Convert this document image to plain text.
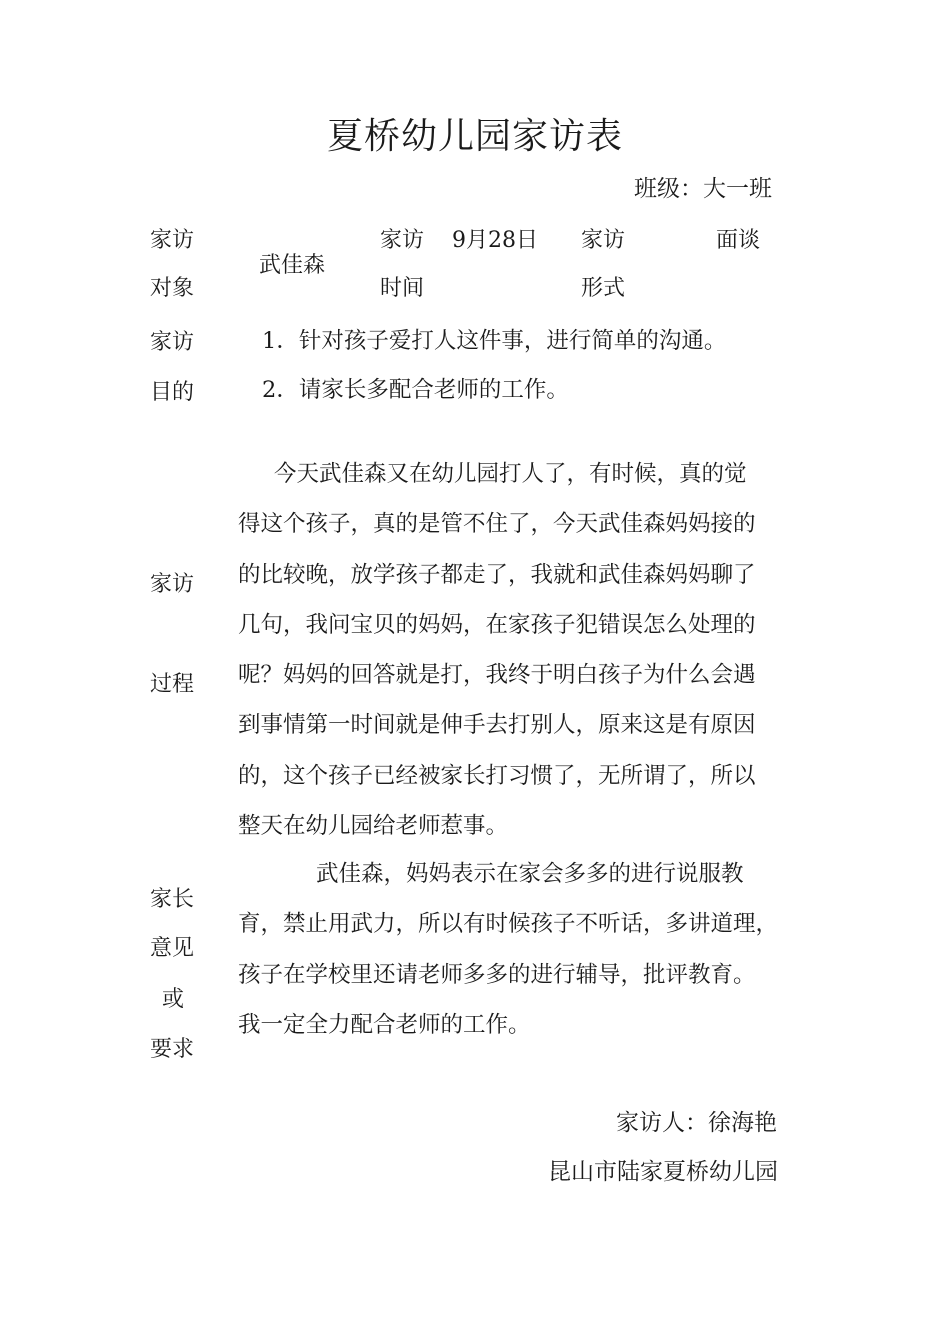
夏桥幼儿园家访表
班级：大一班
家访
对象
武佳森
家访
时间
9月28日 家访
形式
面谈
家访
目的
1．针对孩子爱打人这件事，进行简单的沟通。
2．请家长多配合老师的工作。
家访
过程
今天武佳森又在幼儿园打人了，有时候，真的觉
得这个孩子，真的是管不住了，今天武佳森妈妈接的
的比较晚，放学孩子都走了，我就和武佳森妈妈聊了
几句，我问宝贝的妈妈，在家孩子犯错误怎么处理的
呢？妈妈的回答就是打，我终于明白孩子为什么会遇
到事情第一时间就是伸手去打别人，原来这是有原因
的，这个孩子已经被家长打习惯了，无所谓了，所以
整天在幼儿园给老师惹事。
家长
意见
或
要求
武佳森，妈妈表示在家会多多的进行说服教
育，禁止用武力，所以有时候孩子不听话，多讲道理，
孩子在学校里还请老师多多的进行辅导，批评教育。
我一定全力配合老师的工作。
家访人：徐海艳
昆山市陆家夏桥幼儿园
